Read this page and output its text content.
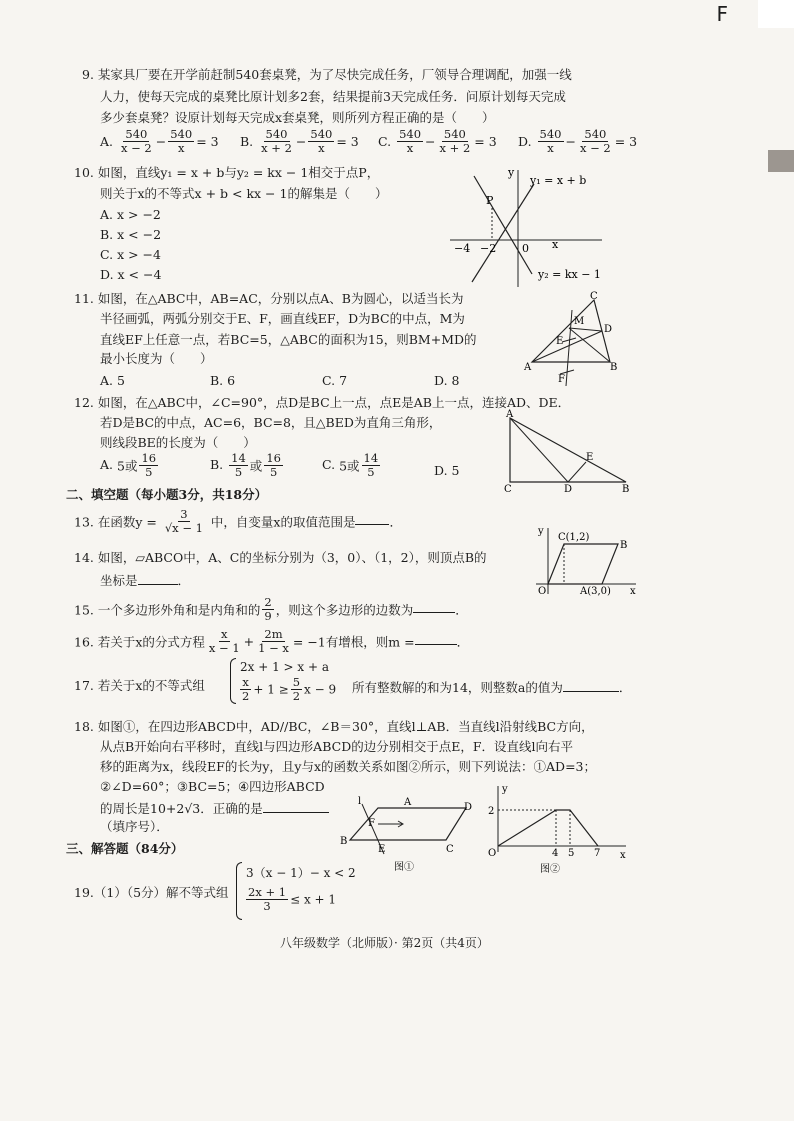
F
9. 某家具厂要在开学前赶制540套桌凳，为了尽快完成任务，厂领导合理调配，加强一线
人力，使每天完成的桌凳比原计划多2套，结果提前3天完成任务．问原计划每天完成
多少套桌凳？设原计划每天完成x套桌凳，则所列方程正确的是（　　）
A. $\frac{540}{x - 2} - \frac{540}{x} = 3$ B. $\frac{540}{x + 2} - \frac{540}{x} = 3$ C. $\frac{540}{x} - \frac{540}{x + 2} = 3$ D. $\frac{540}{x} - \frac{540}{x - 2} = 3$
10. 如图，直线y₁ = x + b与y₂ = kx − 1相交于点P，
则关于x的不等式x + b < kx − 1的解集是（　　）
A. x > −2
B. x < −2
C. x > −4
D. x < −4
y₁ = x + b
y₂ = kx − 1
P
y
x
−4 −2 0
11. 如图，在△ABC中，AB=AC，分别以点A、B为圆心，以适当长为
半径画弧，两弧分别交于E、F，画直线EF，D为BC的中点，M为
直线EF上任意一点，若BC=5，△ABC的面积为15，则BM+MD的
最小长度为（　　）
A. 5	B. 6	C. 7	D. 8
A	B
C
D
E
F
M
12. 如图，在△ABC中，∠C=90°，点D是BC上一点，点E是AB上一点，连接AD、DE．
若D是BC的中点，AC=6，BC=8，且△BED为直角三角形，
则线段BE的长度为（　　）
A. 5或 $\frac{16}{5}$	B. $\frac{14}{5}$ 或 $\frac{16}{5}$	C. 5或 $\frac{14}{5}$	D. 5
A
C	D	B
E
二、填空题（每小题3分，共18分）
13. 在函数$y = \frac{3}{√x - 1}$ 中，自变量x的取值范围是	．
14. 如图，▱ABCO中，A、C的坐标分别为（3，0）、（1，2），则顶点B的
坐标是	．
C(1,2)
B
A(3,0)
O	x
y
15. 一个多边形外角和是内角和的 $\frac{2}{9}$ ，则这个多边形的边数为	．
16. 若关于x的分式方程 $\frac{x}{x - 1} + \frac{2m}{1 - x} = -1$有增根，则m =	．
17. 若关于x的不等式组
2x + 1 > x + a
$\frac{x}{2} + 1 \ge \frac{5}{2}$ x − 9 所有整数解的和为14，则整数a的值为	．
18. 如图①，在四边形ABCD中，AD//BC，∠B＝30°，直线l⊥AB．当直线l沿射线BC方向，
从点B开始向右平移时，直线l与四边形ABCD的边分别相交于点E，F．设直线l向右平
移的距离为x，线段EF的长为y，且y与x的函数关系如图②所示，则下列说法：①AD=3；
②∠D=60°；③BC=5；④四边形ABCD
的周长是10+2√3．正确的是
（填序号）．
l	A	D
B
C
E
F
图①
2
4 5 7
O
y
x
图②
三、解答题（84分）
19.（1）（5分）解不等式组
3（x − 1）− x < 2
$\frac{2x + 1}{3} \le x + 1$
八年级数学（北师版）· 第2页（共4页）
